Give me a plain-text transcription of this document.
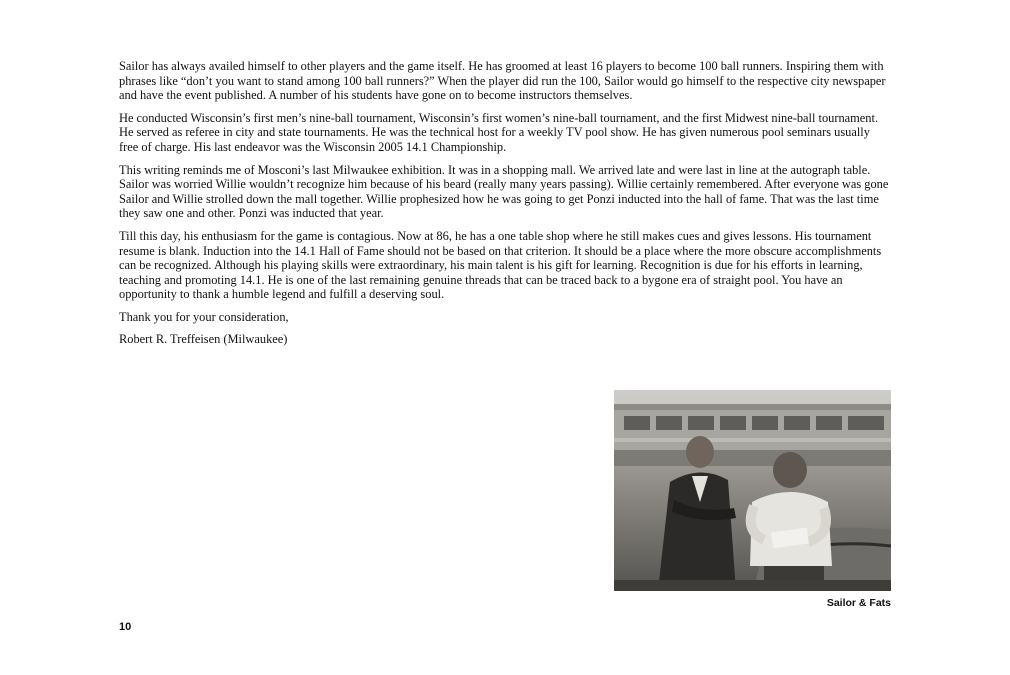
Sailor has always availed himself to other players and the game itself. He has groomed at least 16 players to become 100 ball runners. Inspiring them with phrases like “don’t you want to stand among 100 ball runners?” When the player did run the 100, Sailor would go himself to the respective city newspaper and have the event published. A number of his students have gone on to become instructors themselves.

He conducted Wisconsin’s first men’s nine-ball tournament, Wisconsin’s first women’s nine-ball tournament, and the first Midwest nine-ball tournament. He served as referee in city and state tournaments. He was the technical host for a weekly TV pool show. He has given numerous pool seminars usually free of charge. His last endeavor was the Wisconsin 2005 14.1 Championship.

This writing reminds me of Mosconi’s last Milwaukee exhibition. It was in a shopping mall. We arrived late and were last in line at the autograph table. Sailor was worried Willie wouldn’t recognize him because of his beard (really many years passing). Willie certainly remembered. After everyone was gone Sailor and Willie strolled down the mall together. Willie prophesized how he was going to get Ponzi inducted into the hall of fame. That was the last time they saw one and other. Ponzi was inducted that year.

Till this day, his enthusiasm for the game is contagious. Now at 86, he has a one table shop where he still makes cues and gives lessons. His tournament resume is blank. Induction into the 14.1 Hall of Fame should not be based on that criterion. It should be a place where the more obscure accomplishments can be recognized. Although his playing skills were extraordinary, his main talent is his gift for learning. Recognition is due for his efforts in learning, teaching and promoting 14.1. He is one of the last remaining genuine threads that can be traced back to a bygone era of straight pool. You have an opportunity to thank a humble legend and fulfill a deserving soul.

Thank you for your consideration,

Robert R. Treffeisen (Milwaukee)

Sailor & Fats
10
